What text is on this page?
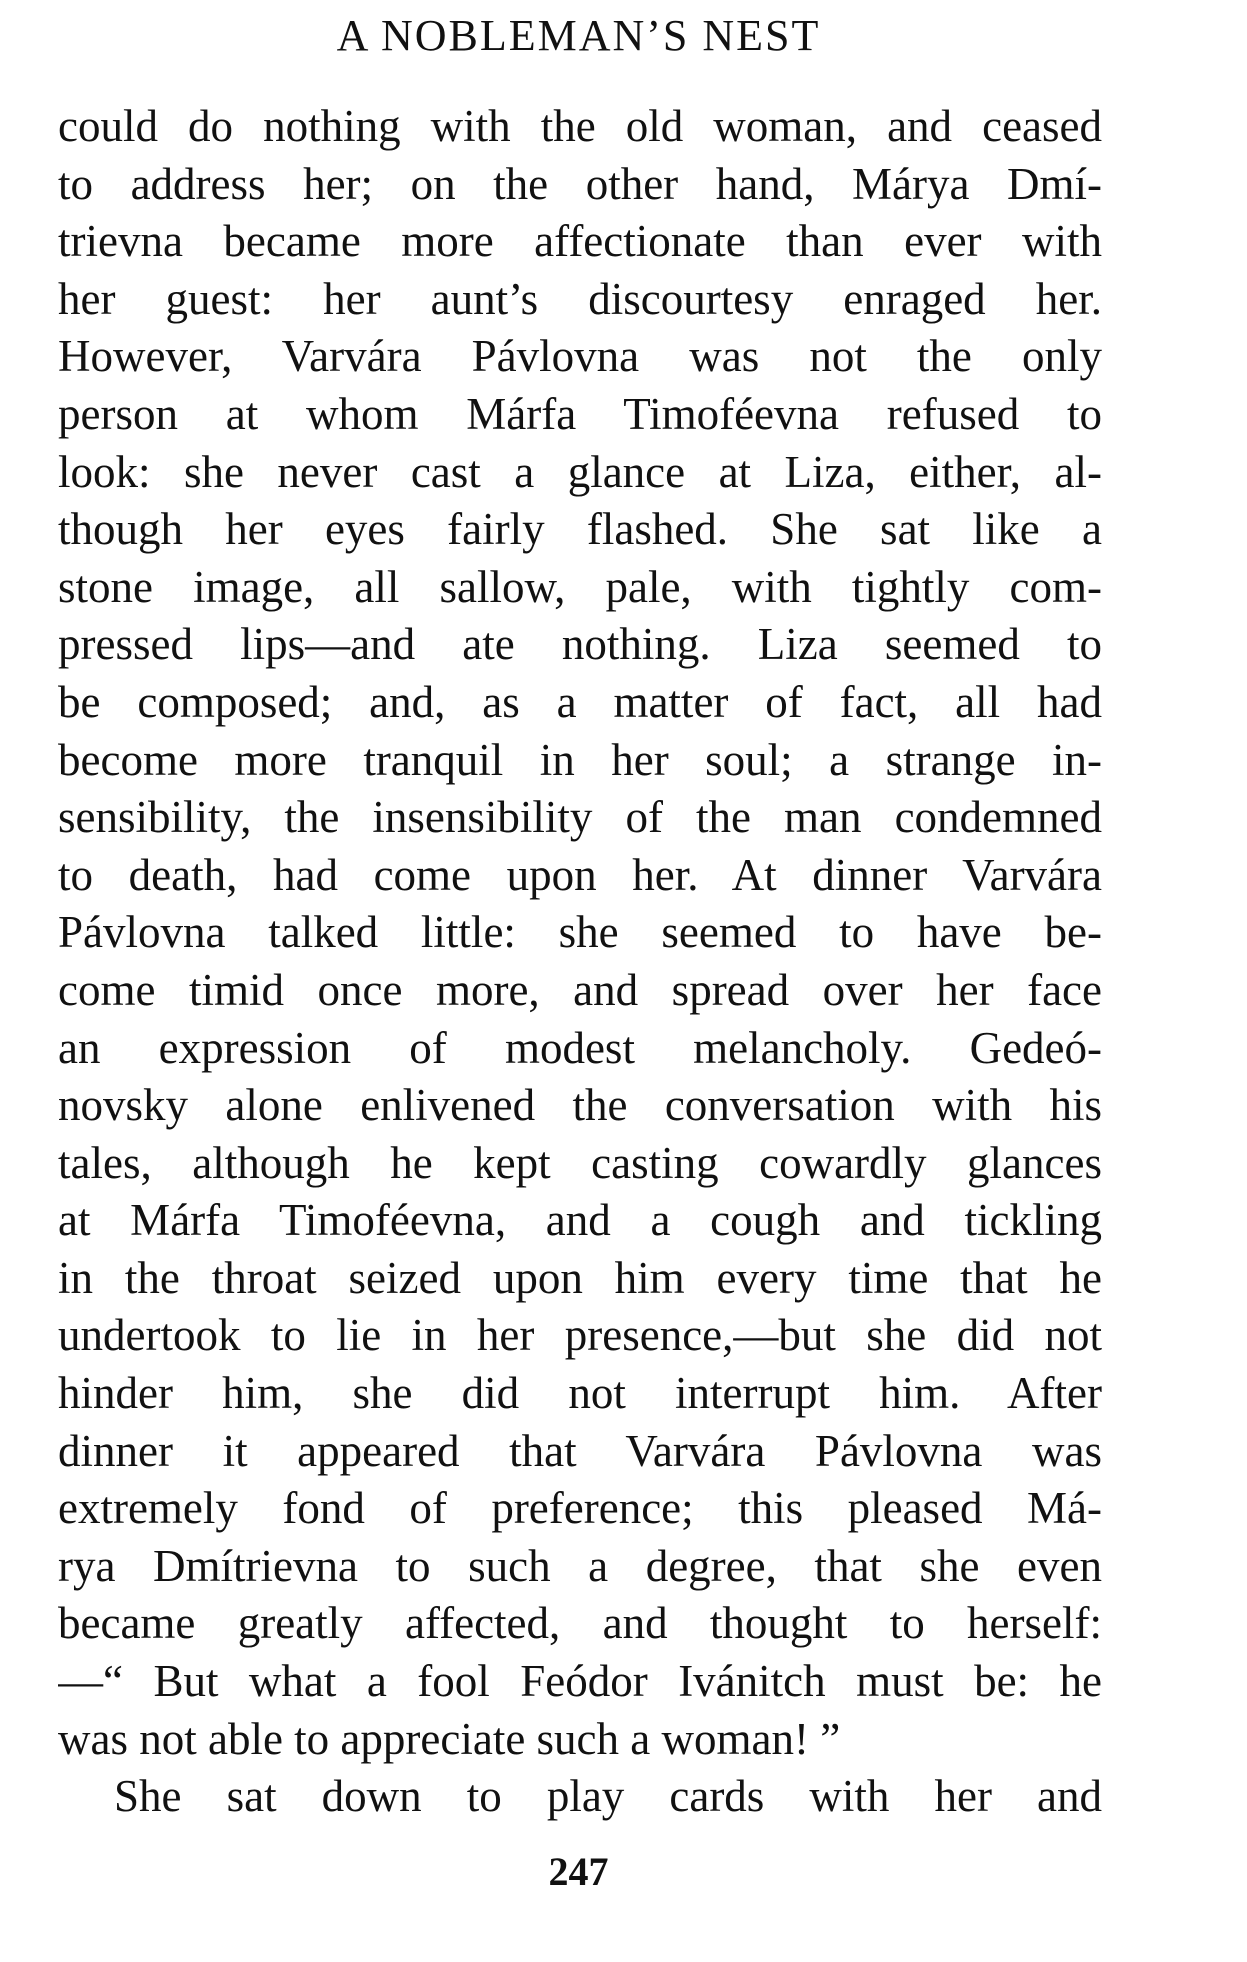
A NOBLEMAN’S NEST
could do nothing with the old woman, and ceased
to address her; on the other hand, Márya Dmí-
trievna became more affectionate than ever with
her guest: her aunt’s discourtesy enraged her.
However, Varvára Pávlovna was not the only
person at whom Márfa Timoféevna refused to
look: she never cast a glance at Liza, either, al-
though her eyes fairly flashed. She sat like a
stone image, all sallow, pale, with tightly com-
pressed lips—and ate nothing. Liza seemed to
be composed; and, as a matter of fact, all had
become more tranquil in her soul; a strange in-
sensibility, the insensibility of the man condemned
to death, had come upon her. At dinner Varvára
Pávlovna talked little: she seemed to have be-
come timid once more, and spread over her face
an expression of modest melancholy. Gedeó-
novsky alone enlivened the conversation with his
tales, although he kept casting cowardly glances
at Márfa Timoféevna, and a cough and tickling
in the throat seized upon him every time that he
undertook to lie in her presence,—but she did not
hinder him, she did not interrupt him. After
dinner it appeared that Varvára Pávlovna was
extremely fond of preference; this pleased Má-
rya Dmítrievna to such a degree, that she even
became greatly affected, and thought to herself:
—“ But what a fool Feódor Ivánitch must be: he
was not able to appreciate such a woman! ”
She sat down to play cards with her and
247
